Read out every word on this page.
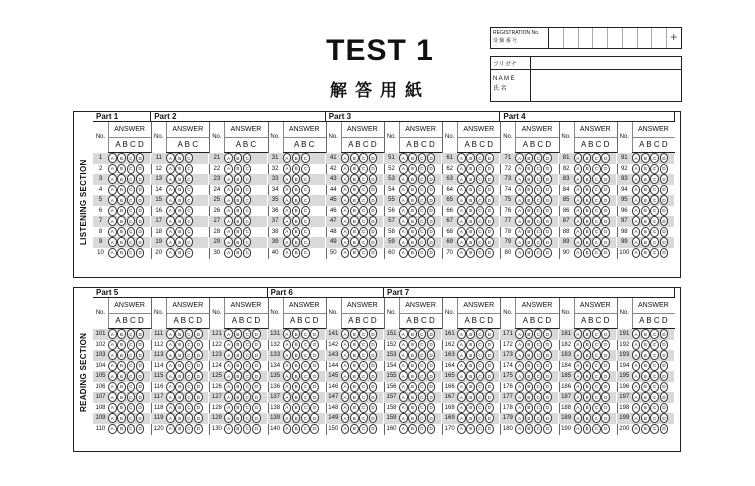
TEST 1
解答用紙
REGISTRATION No.
受 験 番 号	+
フリガナ
N A M E
氏 名
LISTENING SECTION
READING SECTION
Part 1	Part 2	Part 3	Part 4
No.
ANSWER
A B C D
1	A	B	C	D
2	A	B	C	D
3	A	B	C	D
4	A	B	C	D
5	A	B	C	D
6	A	B	C	D
7	A	B	C	D
8	A	B	C	D
9	A	B	C	D
10	A	B	C	D
No.
ANSWER
A B C
11	A	B	C
12	A	B	C
13	A	B	C
14	A	B	C
15	A	B	C
16	A	B	C
17	A	B	C
18	A	B	C
19	A	B	C
20	A	B	C
No.
ANSWER
A B C
21	A	B	C
22	A	B	C
23	A	B	C
24	A	B	C
25	A	B	C
26	A	B	C
27	A	B	C
28	A	B	C
29	A	B	C
30	A	B	C
No.
ANSWER
A B C
31	A	B	C
32	A	B	C
33	A	B	C
34	A	B	C
35	A	B	C
36	A	B	C
37	A	B	C
38	A	B	C
39	A	B	C
40	A	B	C
No.
ANSWER
A B C D
41	A	B	C	D
42	A	B	C	D
43	A	B	C	D
44	A	B	C	D
45	A	B	C	D
46	A	B	C	D
47	A	B	C	D
48	A	B	C	D
49	A	B	C	D
50	A	B	C	D
No.
ANSWER
A B C D
51	A	B	C	D
52	A	B	C	D
53	A	B	C	D
54	A	B	C	D
55	A	B	C	D
56	A	B	C	D
57	A	B	C	D
58	A	B	C	D
59	A	B	C	D
60	A	B	C	D
No.
ANSWER
A B C D
61	A	B	C	D
62	A	B	C	D
63	A	B	C	D
64	A	B	C	D
65	A	B	C	D
66	A	B	C	D
67	A	B	C	D
68	A	B	C	D
69	A	B	C	D
70	A	B	C	D
No.
ANSWER
A B C D
71	A	B	C	D
72	A	B	C	D
73	A	B	C	D
74	A	B	C	D
75	A	B	C	D
76	A	B	C	D
77	A	B	C	D
78	A	B	C	D
79	A	B	C	D
80	A	B	C	D
No.
ANSWER
A B C D
81	A	B	C	D
82	A	B	C	D
83	A	B	C	D
84	A	B	C	D
85	A	B	C	D
86	A	B	C	D
87	A	B	C	D
88	A	B	C	D
89	A	B	C	D
90	A	B	C	D
No.
ANSWER
A B C D
91	A	B	C	D
92	A	B	C	D
93	A	B	C	D
94	A	B	C	D
95	A	B	C	D
96	A	B	C	D
97	A	B	C	D
98	A	B	C	D
99	A	B	C	D
100	A	B	C	D
Part 5	Part 6	Part 7
No.
ANSWER
A B C D
101	A	B	C	D
102	A	B	C	D
103	A	B	C	D
104	A	B	C	D
105	A	B	C	D
106	A	B	C	D
107	A	B	C	D
108	A	B	C	D
109	A	B	C	D
110	A	B	C	D
No.
ANSWER
A B C D
111	A	B	C	D
112	A	B	C	D
113	A	B	C	D
114	A	B	C	D
115	A	B	C	D
116	A	B	C	D
117	A	B	C	D
118	A	B	C	D
119	A	B	C	D
120	A	B	C	D
No.
ANSWER
A B C D
121	A	B	C	D
122	A	B	C	D
123	A	B	C	D
124	A	B	C	D
125	A	B	C	D
126	A	B	C	D
127	A	B	C	D
128	A	B	C	D
129	A	B	C	D
130	A	B	C	D
No.
ANSWER
A B C D
131	A	B	C	D
132	A	B	C	D
133	A	B	C	D
134	A	B	C	D
135	A	B	C	D
136	A	B	C	D
137	A	B	C	D
138	A	B	C	D
139	A	B	C	D
140	A	B	C	D
No.
ANSWER
A B C D
141	A	B	C	D
142	A	B	C	D
143	A	B	C	D
144	A	B	C	D
145	A	B	C	D
146	A	B	C	D
147	A	B	C	D
148	A	B	C	D
149	A	B	C	D
150	A	B	C	D
No.
ANSWER
A B C D
151	A	B	C	D
152	A	B	C	D
153	A	B	C	D
154	A	B	C	D
155	A	B	C	D
156	A	B	C	D
157	A	B	C	D
158	A	B	C	D
159	A	B	C	D
160	A	B	C	D
No.
ANSWER
A B C D
161	A	B	C	D
162	A	B	C	D
163	A	B	C	D
164	A	B	C	D
165	A	B	C	D
166	A	B	C	D
167	A	B	C	D
168	A	B	C	D
169	A	B	C	D
170	A	B	C	D
No.
ANSWER
A B C D
171	A	B	C	D
172	A	B	C	D
173	A	B	C	D
174	A	B	C	D
175	A	B	C	D
176	A	B	C	D
177	A	B	C	D
178	A	B	C	D
179	A	B	C	D
180	A	B	C	D
No.
ANSWER
A B C D
181	A	B	C	D
182	A	B	C	D
183	A	B	C	D
184	A	B	C	D
185	A	B	C	D
186	A	B	C	D
187	A	B	C	D
188	A	B	C	D
189	A	B	C	D
190	A	B	C	D
No.
ANSWER
A B C D
191	A	B	C	D
192	A	B	C	D
193	A	B	C	D
194	A	B	C	D
195	A	B	C	D
196	A	B	C	D
197	A	B	C	D
198	A	B	C	D
199	A	B	C	D
200	A	B	C	D
